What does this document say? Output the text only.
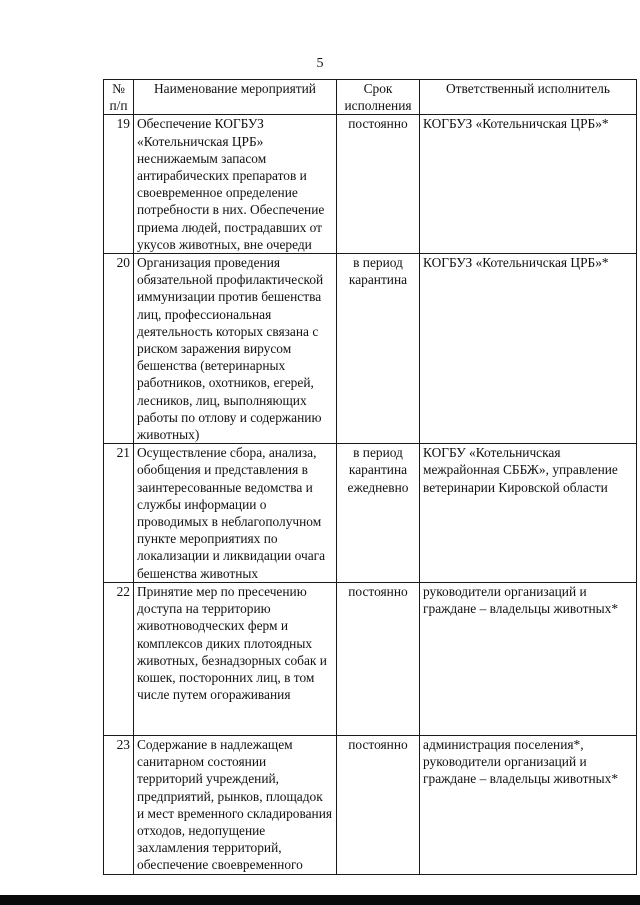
5
№ п/п	Наименование мероприятий	Срок исполнения	Ответственный исполнитель
19	Обеспечение КОГБУЗ «Котельничская ЦРБ» неснижаемым запасом антирабических препаратов и своевременное определение потребности в них. Обеспечение приема людей, пострадавших от укусов животных, вне очереди	постоянно	КОГБУЗ «Котельничская ЦРБ»*
20	Организация проведения обязательной профилактической иммунизации против бешенства лиц, профессиональная деятельность которых связана с риском заражения вирусом бешенства (ветеринарных работников, охотников, егерей, лесников, лиц, выполняющих работы по отлову и содержанию животных)	в период карантина	КОГБУЗ «Котельничская ЦРБ»*
21	Осуществление сбора, анализа, обобщения и представления в заинтересованные ведомства и службы информации о проводимых в неблагополучном пункте мероприятиях по локализации и ликвидации очага бешенства животных	в период карантина ежедневно	КОГБУ «Котельничская межрайонная СББЖ», управление ветеринарии Кировской области
22	Принятие мер по пресечению доступа на территорию животноводческих ферм и комплексов диких плотоядных животных, безнадзорных собак и кошек, посторонних лиц, в том числе путем огораживания	постоянно	руководители организаций и граждане – владельцы животных*
23	Содержание в надлежащем санитарном состоянии территорий учреждений, предприятий, рынков, площадок и мест временного складирования отходов, недопущение захламления территорий, обеспечение своевременного	постоянно	администрация поселения*, руководители организаций и граждане – владельцы животных*
